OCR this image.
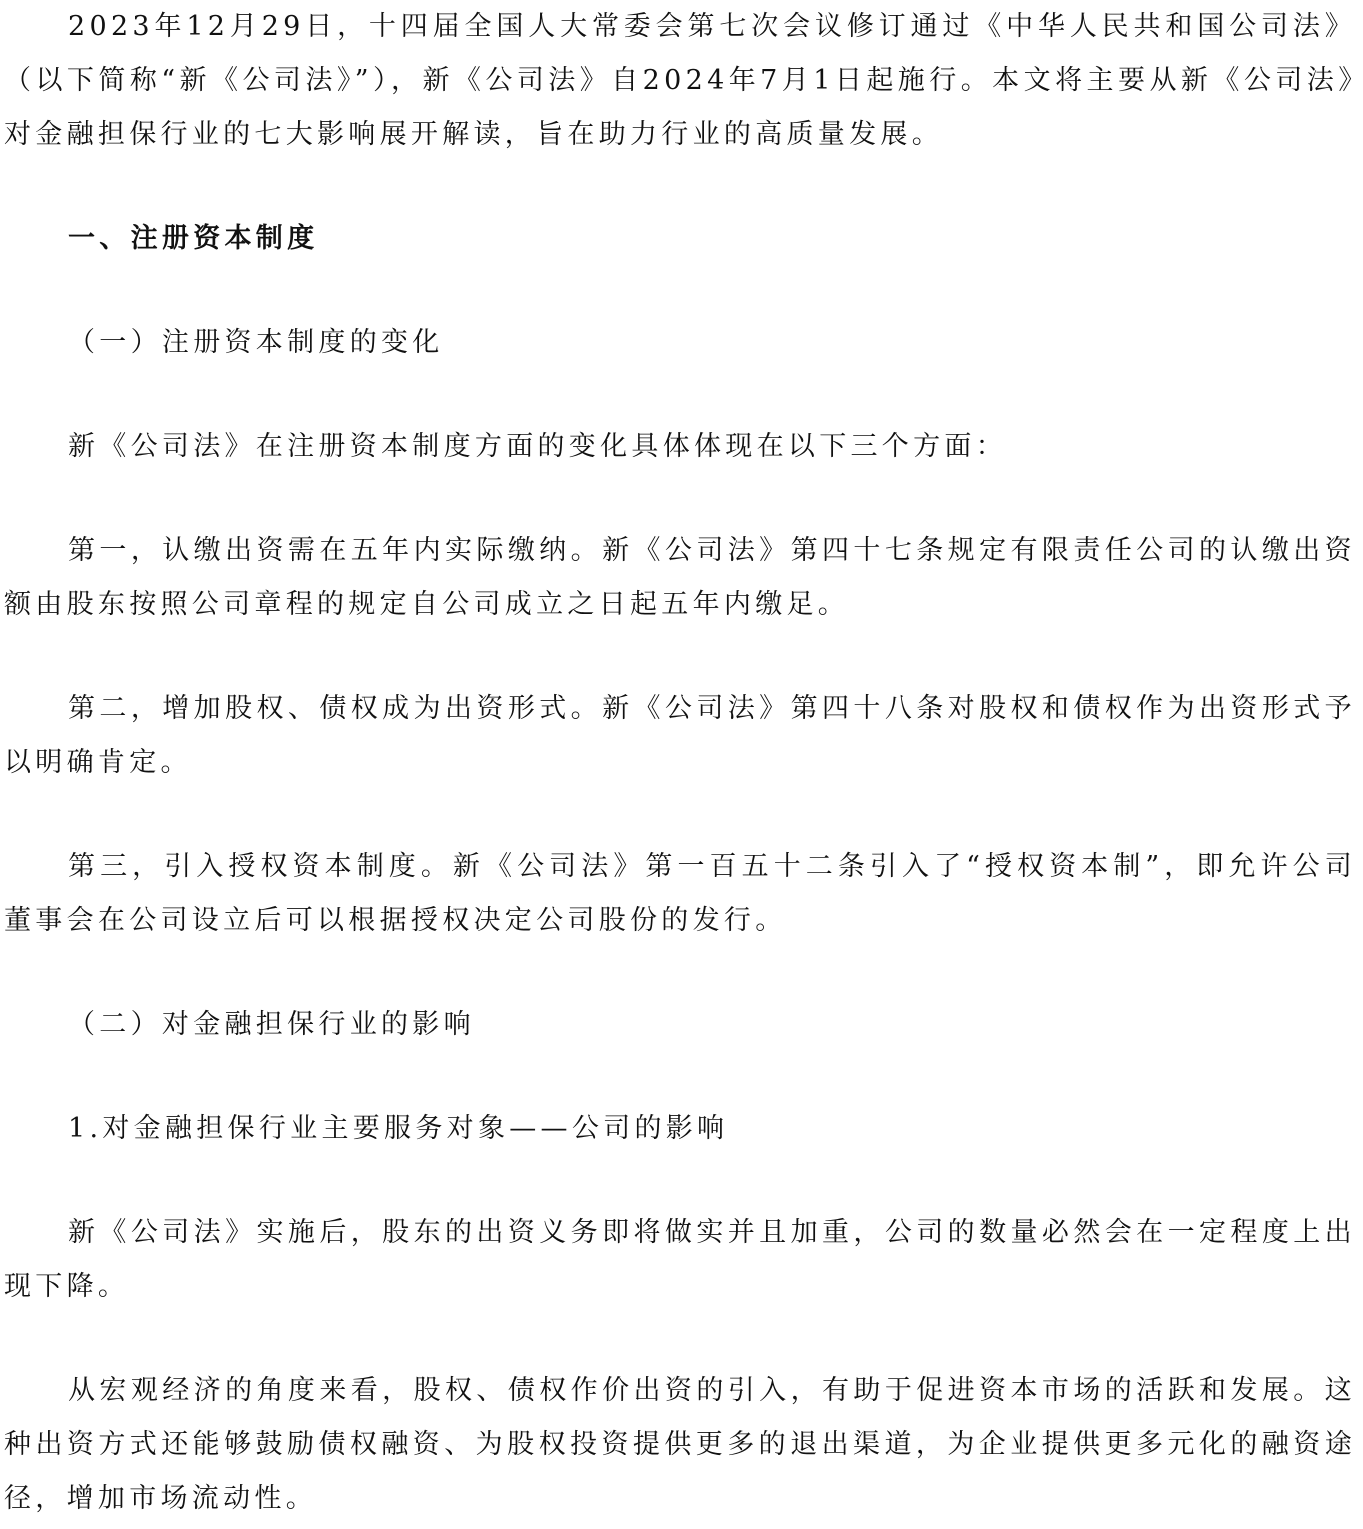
2023年12月29日，十四届全国人大常委会第七次会议修订通过《中华人民共和国公司法》（以下简称“新《公司法》”），新《公司法》自2024年7月1日起施行。本文将主要从新《公司法》对金融担保行业的七大影响展开解读，旨在助力行业的高质量发展。

一、注册资本制度

（一）注册资本制度的变化

新《公司法》在注册资本制度方面的变化具体体现在以下三个方面：

第一，认缴出资需在五年内实际缴纳。新《公司法》第四十七条规定有限责任公司的认缴出资额由股东按照公司章程的规定自公司成立之日起五年内缴足。

第二，增加股权、债权成为出资形式。新《公司法》第四十八条对股权和债权作为出资形式予以明确肯定。

第三，引入授权资本制度。新《公司法》第一百五十二条引入了“授权资本制”，即允许公司董事会在公司设立后可以根据授权决定公司股份的发行。

（二）对金融担保行业的影响

1.对金融担保行业主要服务对象——公司的影响

新《公司法》实施后，股东的出资义务即将做实并且加重，公司的数量必然会在一定程度上出现下降。

从宏观经济的角度来看，股权、债权作价出资的引入，有助于促进资本市场的活跃和发展。这种出资方式还能够鼓励债权融资、为股权投资提供更多的退出渠道，为企业提供更多元化的融资途径，增加市场流动性。
